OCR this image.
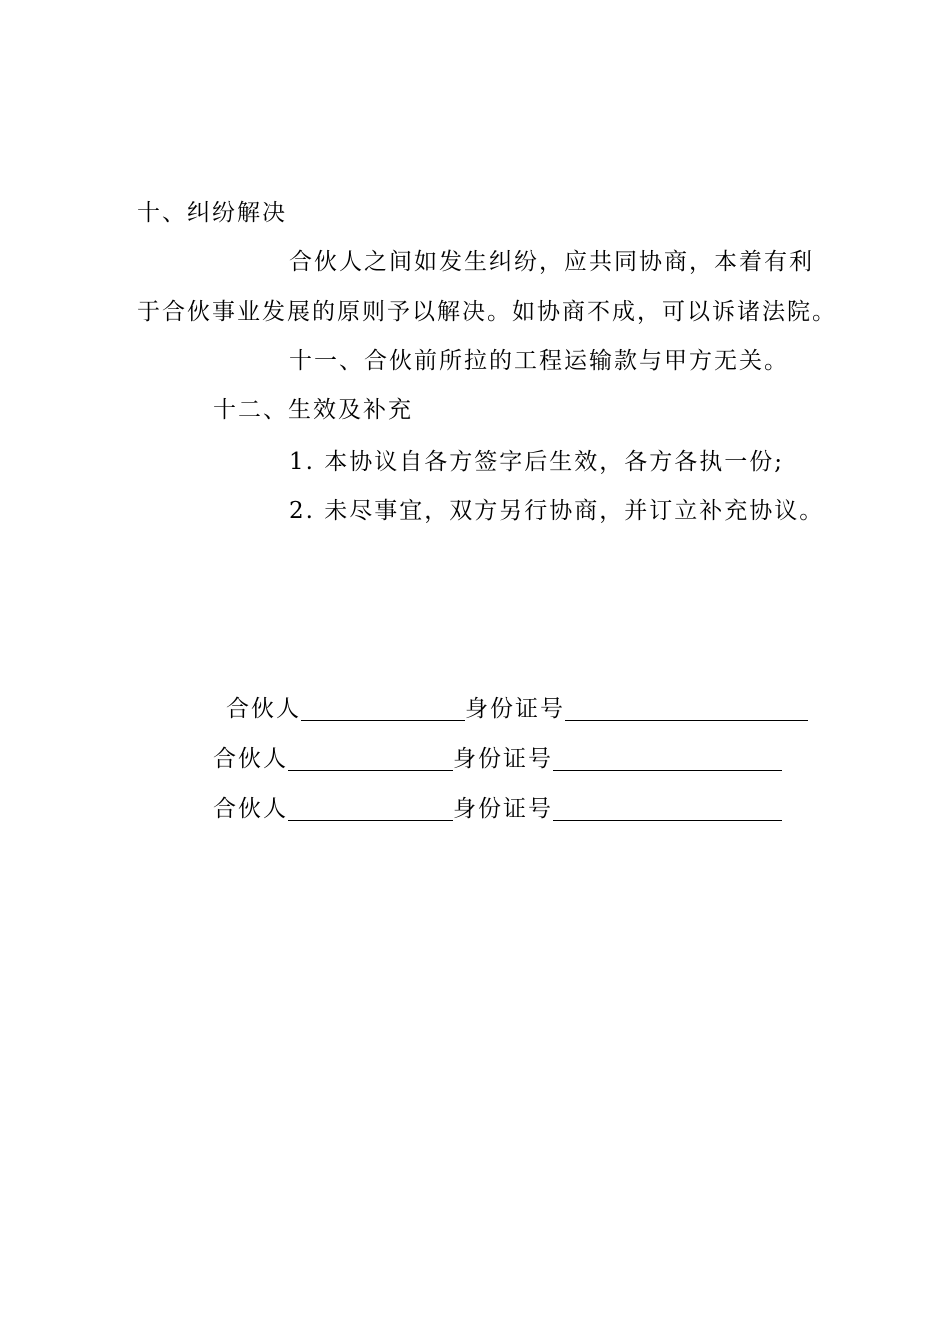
十、纠纷解决
合伙人之间如发生纠纷，应共同协商，本着有利
于合伙事业发展的原则予以解决。如协商不成，可以诉诸法院。
十一、合伙前所拉的工程运输款与甲方无关。
十二、生效及补充
1. 本协议自各方签字后生效，各方各执一份;
2. 未尽事宜，双方另行协商，并订立补充协议。
合伙人	身份证号
合伙人	身份证号
合伙人	身份证号
